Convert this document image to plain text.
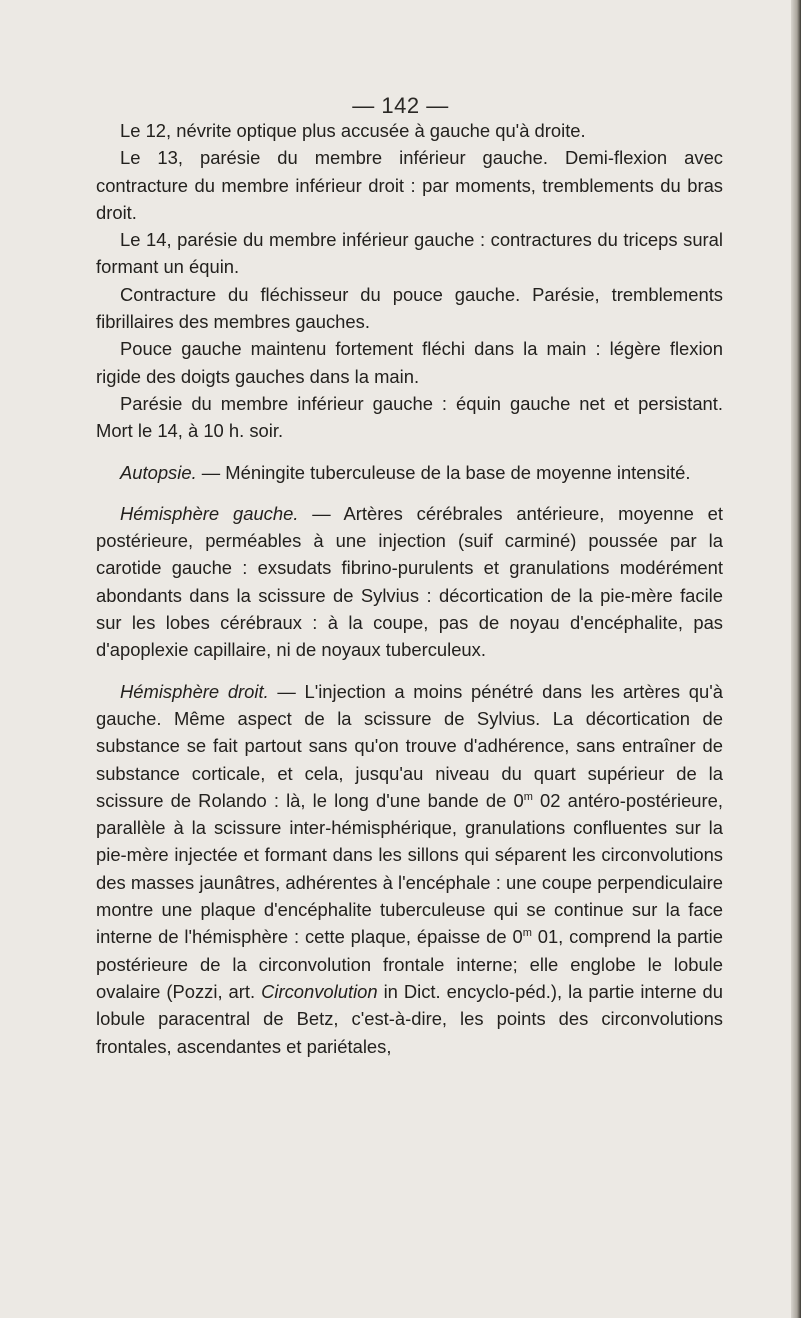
— 142 —

Le 12, névrite optique plus accusée à gauche qu'à droite.

Le 13, parésie du membre inférieur gauche. Demi-flexion avec contracture du membre inférieur droit : par moments, tremblements du bras droit.

Le 14, parésie du membre inférieur gauche : contractures du triceps sural formant un équin.

Contracture du fléchisseur du pouce gauche. Parésie, tremblements fibrillaires des membres gauches.

Pouce gauche maintenu fortement fléchi dans la main : légère flexion rigide des doigts gauches dans la main.

Parésie du membre inférieur gauche : équin gauche net et persistant. Mort le 14, à 10 h. soir.

Autopsie. — Méningite tuberculeuse de la base de moyenne intensité.

Hémisphère gauche. — Artères cérébrales antérieure, moyenne et postérieure, perméables à une injection (suif carminé) poussée par la carotide gauche : exsudats fibrino-purulents et granulations modérément abondants dans la scissure de Sylvius : décortication de la pie-mère facile sur les lobes cérébraux : à la coupe, pas de noyau d'encéphalite, pas d'apoplexie capillaire, ni de noyaux tuberculeux.

Hémisphère droit. — L'injection a moins pénétré dans les artères qu'à gauche. Même aspect de la scissure de Sylvius. La décortication de substance se fait partout sans qu'on trouve d'adhérence, sans entraîner de substance corticale, et cela, jusqu'au niveau du quart supérieur de la scissure de Rolando : là, le long d'une bande de 0$^m$ 02 antéro-postérieure, parallèle à la scissure inter-hémisphérique, granulations confluentes sur la pie-mère injectée et formant dans les sillons qui séparent les circonvolutions des masses jaunâtres, adhérentes à l'encéphale : une coupe perpendiculaire montre une plaque d'encéphalite tuberculeuse qui se continue sur la face interne de l'hémisphère : cette plaque, épaisse de 0$^m$ 01, comprend la partie postérieure de la circonvolution frontale interne; elle englobe le lobule ovalaire (Pozzi, art. Circonvolution in Dict. encyclo-péd.), la partie interne du lobule paracentral de Betz, c'est-à-dire, les points des circonvolutions frontales, ascendantes et pariétales,
